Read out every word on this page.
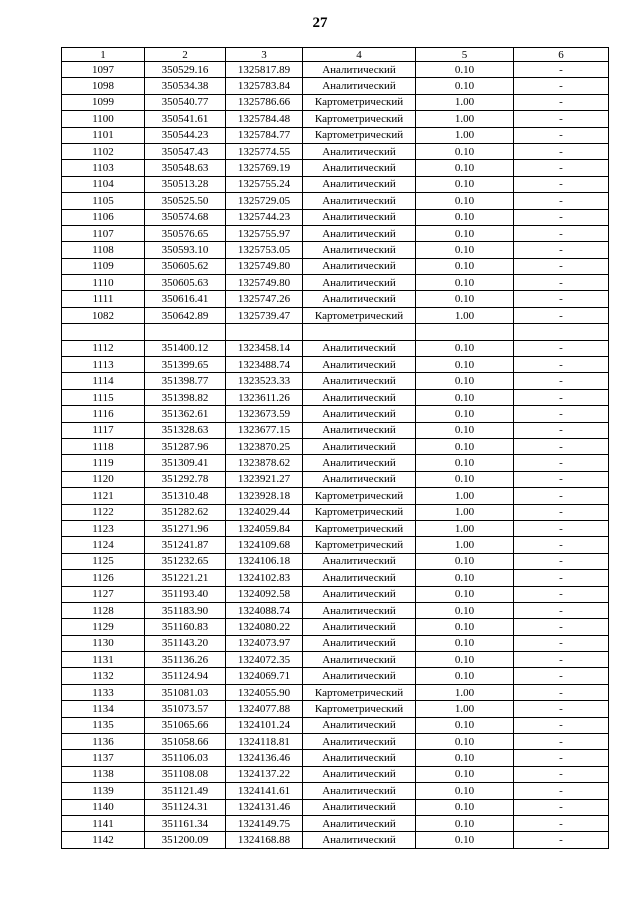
27
1	2	3	4	5	6
1097	350529.16	1325817.89	Аналитический	0.10	-
1098	350534.38	1325783.84	Аналитический	0.10	-
1099	350540.77	1325786.66	Картометрический	1.00	-
1100	350541.61	1325784.48	Картометрический	1.00	-
1101	350544.23	1325784.77	Картометрический	1.00	-
1102	350547.43	1325774.55	Аналитический	0.10	-
1103	350548.63	1325769.19	Аналитический	0.10	-
1104	350513.28	1325755.24	Аналитический	0.10	-
1105	350525.50	1325729.05	Аналитический	0.10	-
1106	350574.68	1325744.23	Аналитический	0.10	-
1107	350576.65	1325755.97	Аналитический	0.10	-
1108	350593.10	1325753.05	Аналитический	0.10	-
1109	350605.62	1325749.80	Аналитический	0.10	-
1110	350605.63	1325749.80	Аналитический	0.10	-
1111	350616.41	1325747.26	Аналитический	0.10	-
1082	350642.89	1325739.47	Картометрический	1.00	-

1112	351400.12	1323458.14	Аналитический	0.10	-
1113	351399.65	1323488.74	Аналитический	0.10	-
1114	351398.77	1323523.33	Аналитический	0.10	-
1115	351398.82	1323611.26	Аналитический	0.10	-
1116	351362.61	1323673.59	Аналитический	0.10	-
1117	351328.63	1323677.15	Аналитический	0.10	-
1118	351287.96	1323870.25	Аналитический	0.10	-
1119	351309.41	1323878.62	Аналитический	0.10	-
1120	351292.78	1323921.27	Аналитический	0.10	-
1121	351310.48	1323928.18	Картометрический	1.00	-
1122	351282.62	1324029.44	Картометрический	1.00	-
1123	351271.96	1324059.84	Картометрический	1.00	-
1124	351241.87	1324109.68	Картометрический	1.00	-
1125	351232.65	1324106.18	Аналитический	0.10	-
1126	351221.21	1324102.83	Аналитический	0.10	-
1127	351193.40	1324092.58	Аналитический	0.10	-
1128	351183.90	1324088.74	Аналитический	0.10	-
1129	351160.83	1324080.22	Аналитический	0.10	-
1130	351143.20	1324073.97	Аналитический	0.10	-
1131	351136.26	1324072.35	Аналитический	0.10	-
1132	351124.94	1324069.71	Аналитический	0.10	-
1133	351081.03	1324055.90	Картометрический	1.00	-
1134	351073.57	1324077.88	Картометрический	1.00	-
1135	351065.66	1324101.24	Аналитический	0.10	-
1136	351058.66	1324118.81	Аналитический	0.10	-
1137	351106.03	1324136.46	Аналитический	0.10	-
1138	351108.08	1324137.22	Аналитический	0.10	-
1139	351121.49	1324141.61	Аналитический	0.10	-
1140	351124.31	1324131.46	Аналитический	0.10	-
1141	351161.34	1324149.75	Аналитический	0.10	-
1142	351200.09	1324168.88	Аналитический	0.10	-
